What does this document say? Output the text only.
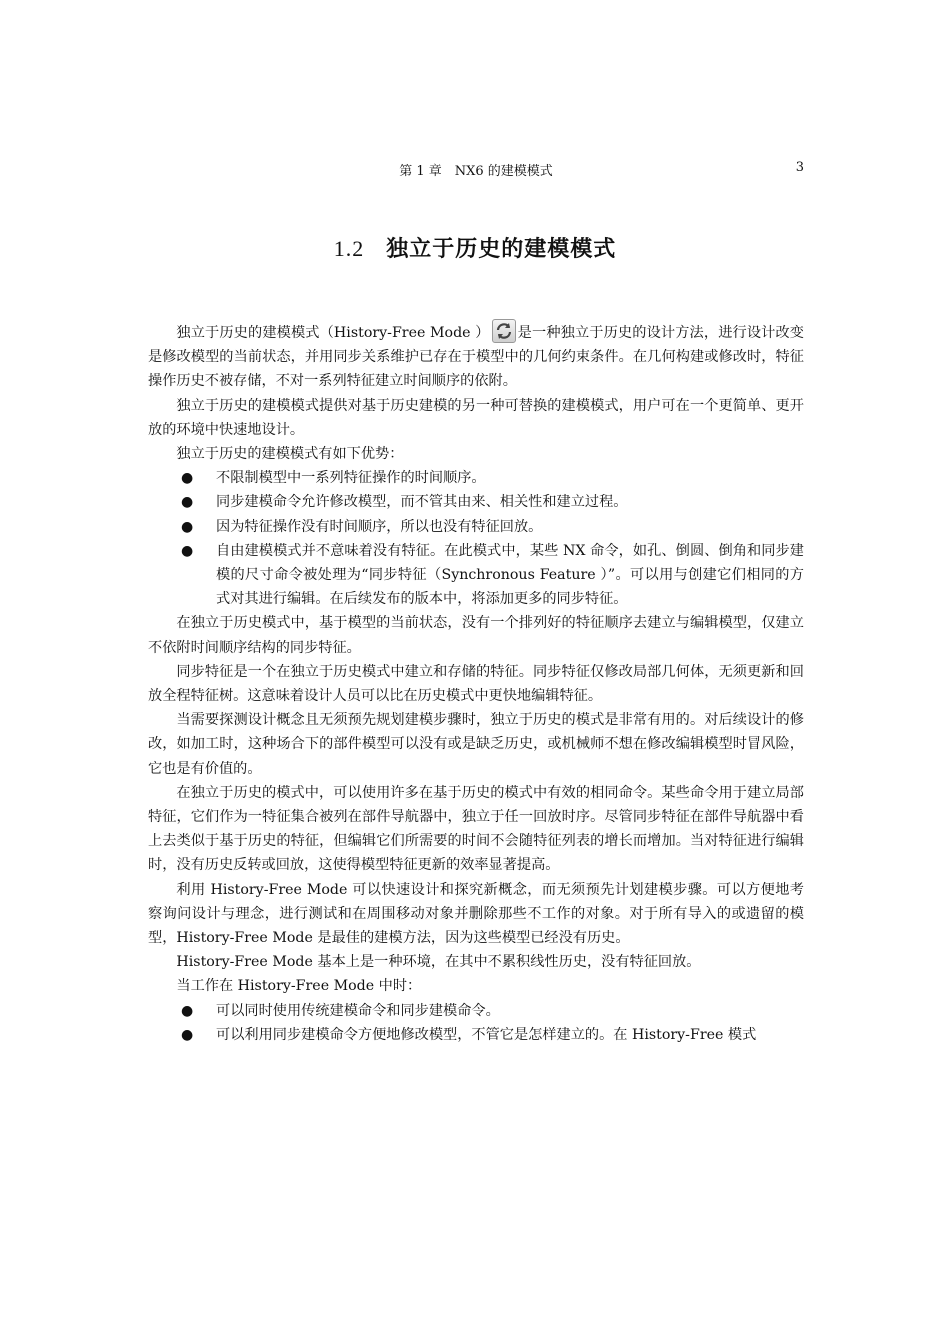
第 1 章　NX6 的建模模式	3
1.2 独立于历史的建模模式

独立于历史的建模模式（History-Free Mode ） 是一种独立于历史的设计方法，进行设计改变是修改模型的当前状态，并用同步关系维护已存在于模型中的几何约束条件。在几何构建或修改时，特征操作历史不被存储，不对一系列特征建立时间顺序的依附。

独立于历史的建模模式提供对基于历史建模的另一种可替换的建模模式，用户可在一个更简单、更开放的环境中快速地设计。

独立于历史的建模模式有如下优势：

● 不限制模型中一系列特征操作的时间顺序。
● 同步建模命令允许修改模型，而不管其由来、相关性和建立过程。
● 因为特征操作没有时间顺序，所以也没有特征回放。
● 自由建模模式并不意味着没有特征。在此模式中，某些 NX 命令，如孔、倒圆、倒角和同步建模的尺寸命令被处理为“同步特征（Synchronous Feature ）”。可以用与创建它们相同的方式对其进行编辑。在后续发布的版本中，将添加更多的同步特征。

在独立于历史模式中，基于模型的当前状态，没有一个排列好的特征顺序去建立与编辑模型，仅建立不依附时间顺序结构的同步特征。

同步特征是一个在独立于历史模式中建立和存储的特征。同步特征仅修改局部几何体，无须更新和回放全程特征树。这意味着设计人员可以比在历史模式中更快地编辑特征。

当需要探测设计概念且无须预先规划建模步骤时，独立于历史的模式是非常有用的。对后续设计的修改，如加工时，这种场合下的部件模型可以没有或是缺乏历史，或机械师不想在修改编辑模型时冒风险，它也是有价值的。

在独立于历史的模式中，可以使用许多在基于历史的模式中有效的相同命令。某些命令用于建立局部特征，它们作为一特征集合被列在部件导航器中，独立于任一回放时序。尽管同步特征在部件导航器中看上去类似于基于历史的特征，但编辑它们所需要的时间不会随特征列表的增长而增加。当对特征进行编辑时，没有历史反转或回放，这使得模型特征更新的效率显著提高。

利用 History-Free Mode 可以快速设计和探究新概念，而无须预先计划建模步骤。可以方便地考察询问设计与理念，进行测试和在周围移动对象并删除那些不工作的对象。对于所有导入的或遗留的模型，History-Free Mode 是最佳的建模方法，因为这些模型已经没有历史。

History-Free Mode 基本上是一种环境，在其中不累积线性历史，没有特征回放。

当工作在 History-Free Mode 中时：

● 可以同时使用传统建模命令和同步建模命令。
● 可以利用同步建模命令方便地修改模型，不管它是怎样建立的。在 History-Free 模式
